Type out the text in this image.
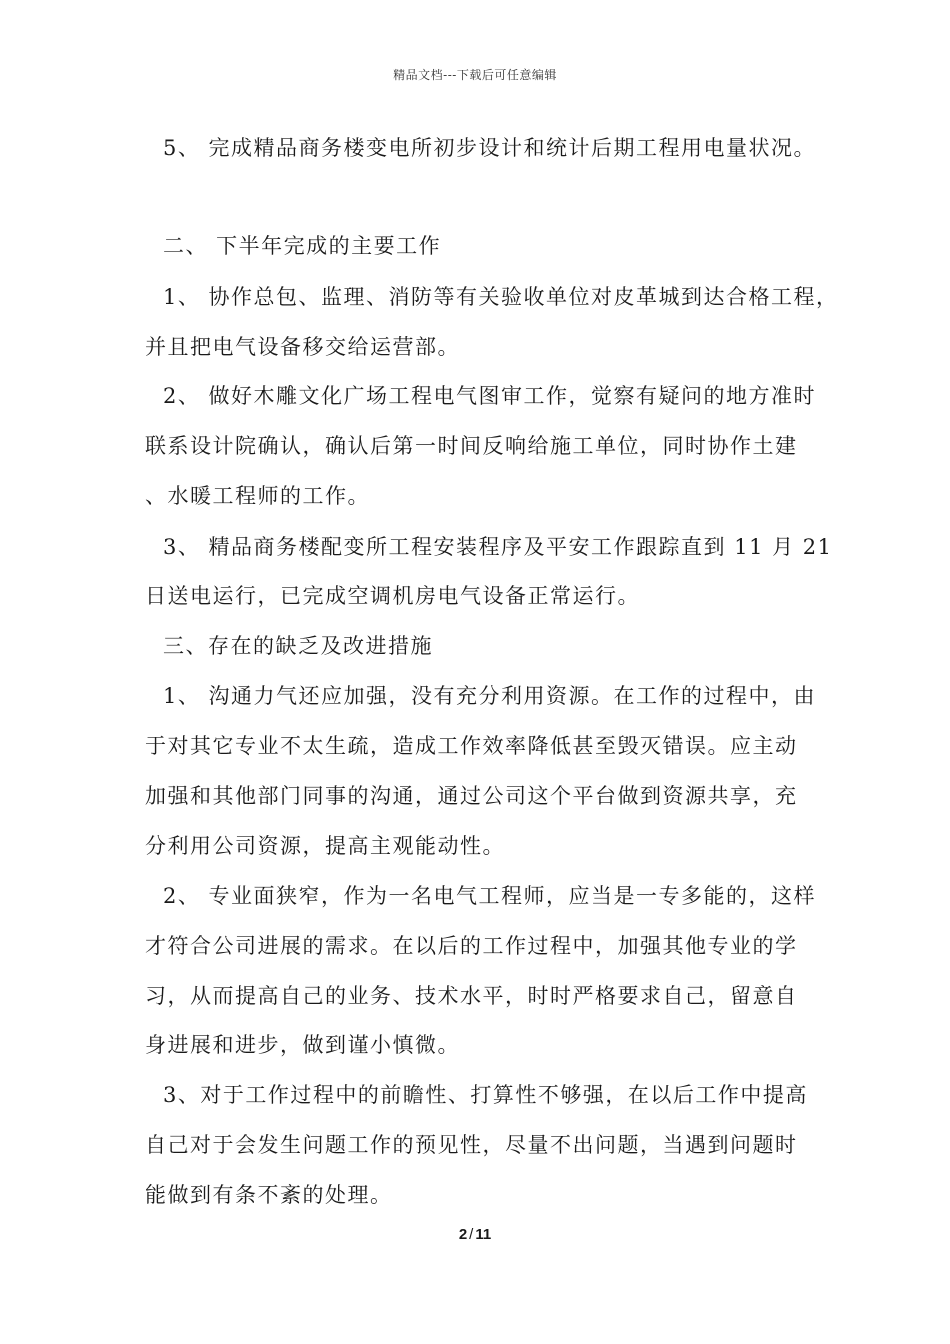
精品文档---下载后可任意编辑
5、 完成精品商务楼变电所初步设计和统计后期工程用电量状况。
二、 下半年完成的主要工作
1、 协作总包、监理、消防等有关验收单位对皮革城到达合格工程，
并且把电气设备移交给运营部。
2、 做好木雕文化广场工程电气图审工作，觉察有疑问的地方准时
联系设计院确认，确认后第一时间反响给施工单位，同时协作土建
、水暖工程师的工作。
3、 精品商务楼配变所工程安装程序及平安工作跟踪直到 11 月 21
日送电运行，已完成空调机房电气设备正常运行。
三、存在的缺乏及改进措施
1、 沟通力气还应加强，没有充分利用资源。在工作的过程中，由
于对其它专业不太生疏，造成工作效率降低甚至毁灭错误。应主动
加强和其他部门同事的沟通，通过公司这个平台做到资源共享，充
分利用公司资源，提高主观能动性。
2、 专业面狭窄，作为一名电气工程师，应当是一专多能的，这样
才符合公司进展的需求。在以后的工作过程中，加强其他专业的学
习，从而提高自己的业务、技术水平，时时严格要求自己，留意自
身进展和进步，做到谨小慎微。
3、对于工作过程中的前瞻性、打算性不够强，在以后工作中提高
自己对于会发生问题工作的预见性，尽量不出问题，当遇到问题时
能做到有条不紊的处理。
2 / 11
